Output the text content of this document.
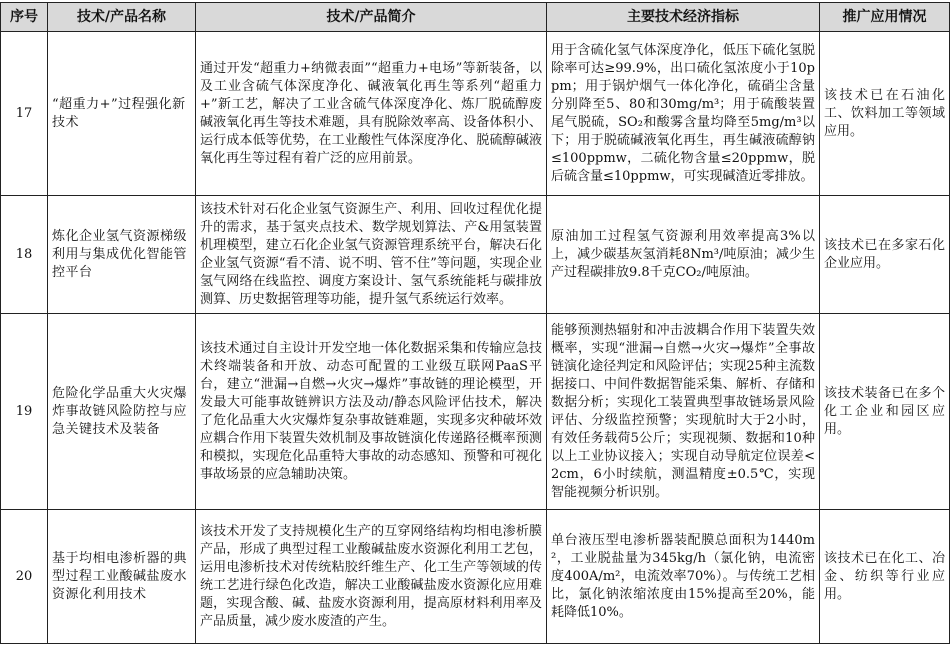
序号	技术/产品名称	技术/产品简介	主要技术经济指标	推广应用情况
17	“超重力+”过程强化新技术	通过开发“超重力+纳微表面”“超重力+电场”等新装备，以及工业含硫气体深度净化、碱液氧化再生等系列“超重力+”新工艺，解决了工业含硫气体深度净化、炼厂脱硫醇废碱液氧化再生等技术难题，具有脱除效率高、设备体积小、运行成本低等优势，在工业酸性气体深度净化、脱硫醇碱液氧化再生等过程有着广泛的应用前景。	用于含硫化氢气体深度净化，低压下硫化氢脱除率可达≥99.9%，出口硫化氢浓度小于10ppm；用于锅炉烟气一体化净化，硫硝尘含量分别降至5、80和30mg/m³；用于硫酸装置尾气脱硫，SO₂和酸雾含量均降至5mg/m³以下；用于脱硫碱液氧化再生，再生碱液硫醇钠≤100ppmw，二硫化物含量≤20ppmw，脱后硫含量≤10ppmw，可实现碱渣近零排放。	该技术已在石油化工、饮料加工等领域应用。
18	炼化企业氢气资源梯级利用与集成优化智能管控平台	该技术针对石化企业氢气资源生产、利用、回收过程优化提升的需求，基于氢夹点技术、数学规划算法、产&用氢装置机理模型，建立石化企业氢气资源管理系统平台，解决石化企业氢气资源“看不清、说不明、管不住”等问题，实现企业氢气网络在线监控、调度方案设计、氢气系统能耗与碳排放测算、历史数据管理等功能，提升氢气系统运行效率。	原油加工过程氢气资源利用效率提高3%以上，减少碳基灰氢消耗8Nm³/吨原油；减少生产过程碳排放9.8千克CO₂/吨原油。	该技术已在多家石化企业应用。
19	危险化学品重大火灾爆炸事故链风险防控与应急关键技术及装备	该技术通过自主设计开发空地一体化数据采集和传输应急技术终端装备和开放、动态可配置的工业级互联网PaaS平台，建立“泄漏→自燃→火灾→爆炸”事故链的理论模型，开发最大可能事故链辨识方法及动/静态风险评估技术，解决了危化品重大火灾爆炸复杂事故链难题，实现多灾种破坏效应耦合作用下装置失效机制及事故链演化传递路径概率预测和模拟，实现危化品重特大事故的动态感知、预警和可视化事故场景的应急辅助决策。	能够预测热辐射和冲击波耦合作用下装置失效概率，实现“泄漏→自燃→火灾→爆炸”全事故链演化途径判定和风险评估；实现25种主流数据接口、中间件数据智能采集、解析、存储和数据分析；实现化工装置典型事故链场景风险评估、分级监控预警；实现航时大于2小时，有效任务载荷5公斤；实现视频、数据和10种以上工业协议接入；实现自动导航定位误差<2cm，6小时续航，测温精度±0.5℃，实现智能视频分析识别。	该技术装备已在多个化工企业和园区应用。
20	基于均相电渗析器的典型过程工业酸碱盐废水资源化利用技术	该技术开发了支持规模化生产的互穿网络结构均相电渗析膜产品，形成了典型过程工业酸碱盐废水资源化利用工艺包，运用电渗析技术对传统粘胶纤维生产、化工生产等领域的传统工艺进行绿色化改造，解决工业酸碱盐废水资源化应用难题，实现含酸、碱、盐废水资源利用，提高原材料利用率及产品质量，减少废水废渣的产生。	单台液压型电渗析器装配膜总面积为1440m²，工业脱盐量为345kg/h（氯化钠，电流密度400A/m²，电流效率70%）。与传统工艺相比，氯化钠浓缩浓度由15%提高至20%，能耗降低10%。	该技术已在化工、冶金、纺织等行业应用。
